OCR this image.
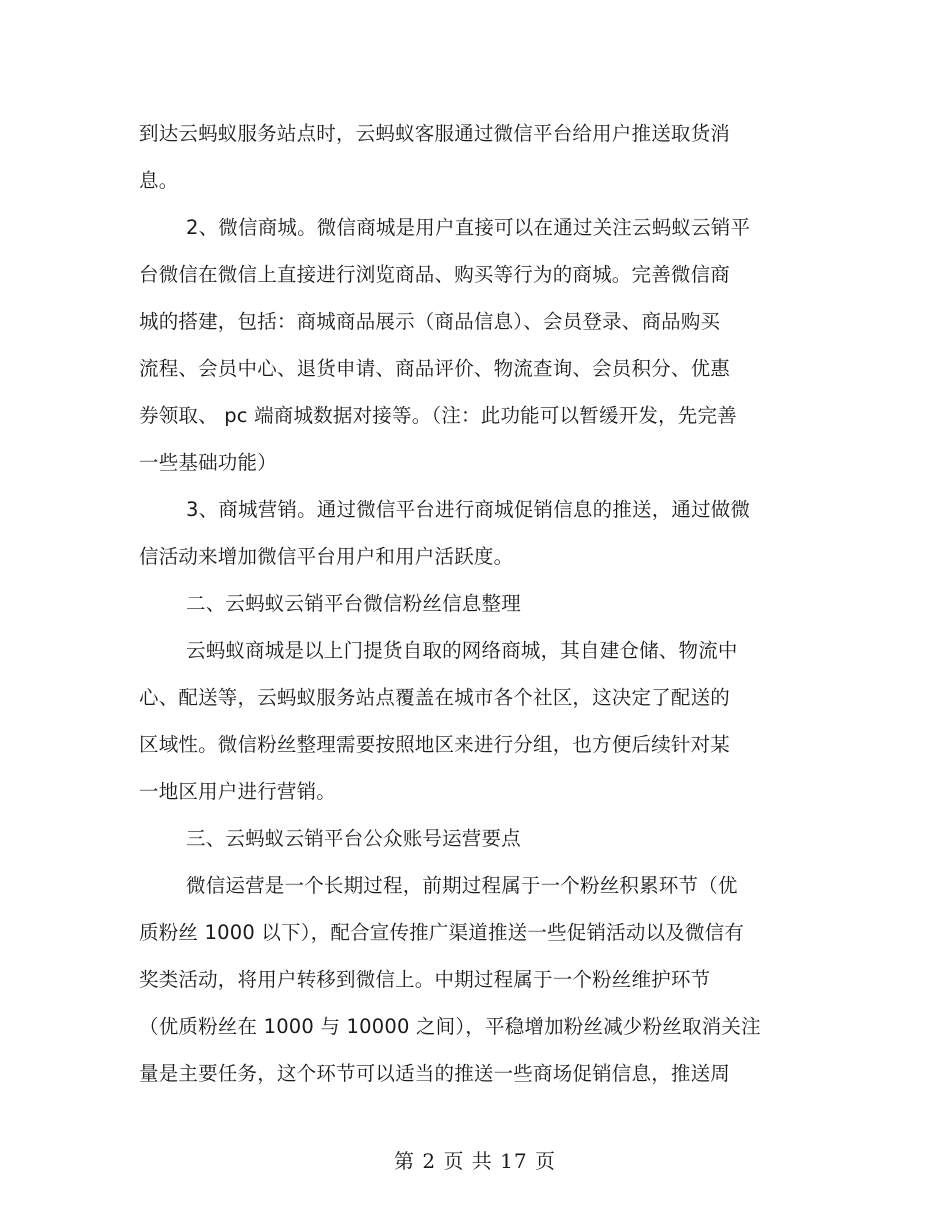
到达云蚂蚁服务站点时，云蚂蚁客服通过微信平台给用户推送取货消
息。
2、微信商城。微信商城是用户直接可以在通过关注云蚂蚁云销平
台微信在微信上直接进行浏览商品、购买等行为的商城。完善微信商
城的搭建，包括：商城商品展示（商品信息）、会员登录、商品购买
流程、会员中心、退货申请、商品评价、物流查询、会员积分、优惠
券领取、 pc 端商城数据对接等。（注：此功能可以暂缓开发，先完善
一些基础功能）
3、商城营销。通过微信平台进行商城促销信息的推送，通过做微
信活动来增加微信平台用户和用户活跃度。
二、云蚂蚁云销平台微信粉丝信息整理
云蚂蚁商城是以上门提货自取的网络商城，其自建仓储、物流中
心、配送等，云蚂蚁服务站点覆盖在城市各个社区，这决定了配送的
区域性。微信粉丝整理需要按照地区来进行分组，也方便后续针对某
一地区用户进行营销。
三、云蚂蚁云销平台公众账号运营要点
微信运营是一个长期过程，前期过程属于一个粉丝积累环节（优
质粉丝 1000 以下），配合宣传推广渠道推送一些促销活动以及微信有
奖类活动，将用户转移到微信上。中期过程属于一个粉丝维护环节
（优质粉丝在 1000 与 10000 之间），平稳增加粉丝减少粉丝取消关注
量是主要任务，这个环节可以适当的推送一些商场促销信息，推送周
第 2 页 共 17 页
